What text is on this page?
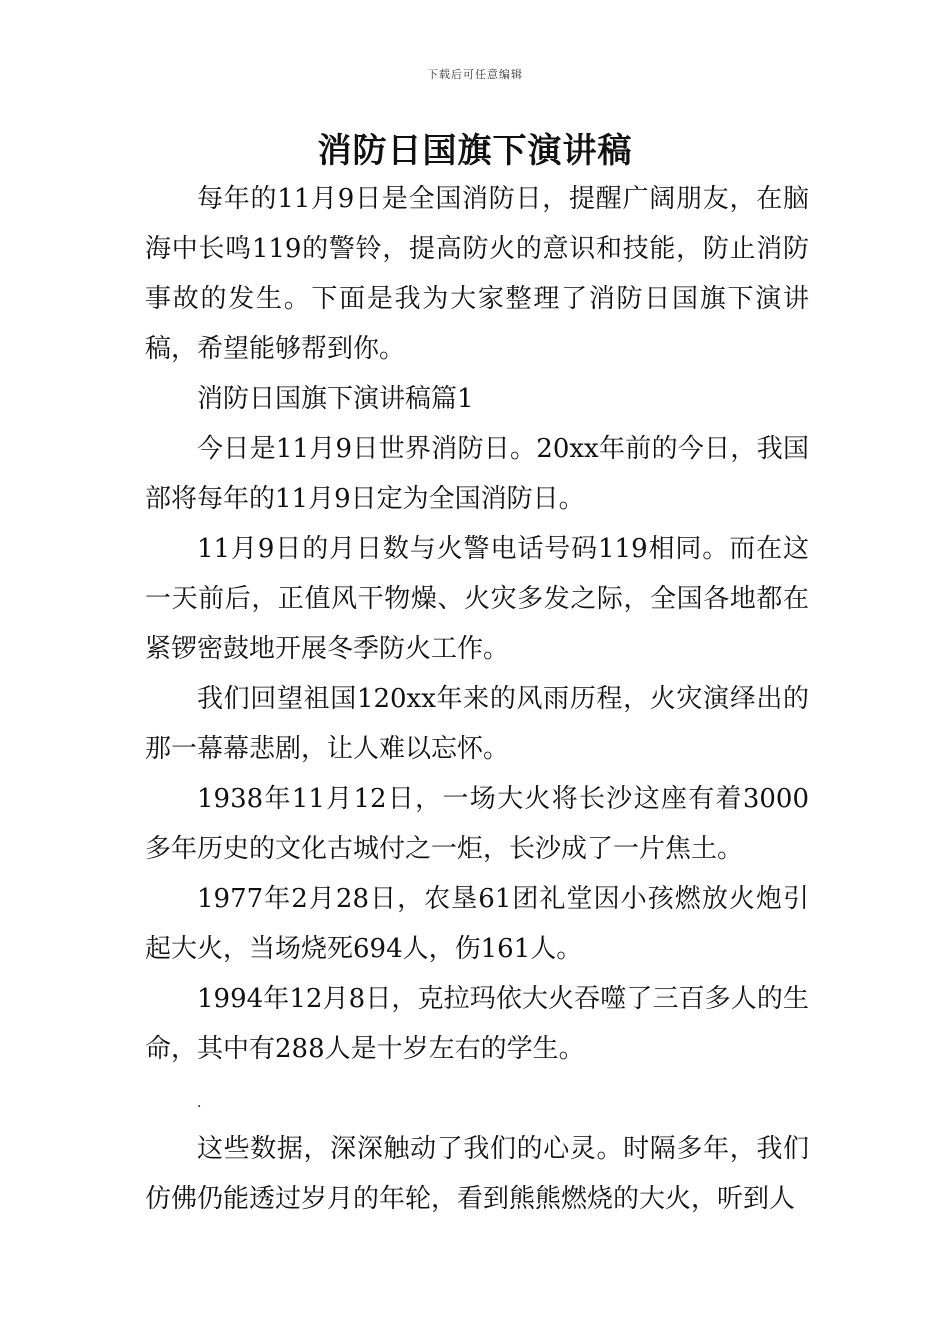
下载后可任意编辑
消防日国旗下演讲稿

每年的11月9日是全国消防日，提醒广阔朋友，在脑海中长鸣119的警铃，提高防火的意识和技能，防止消防事故的发生。下面是我为大家整理了消防日国旗下演讲稿，希望能够帮到你。

消防日国旗下演讲稿篇1

今日是11月9日世界消防日。20xx年前的今日，我国部将每年的11月9日定为全国消防日。

11月9日的月日数与火警电话号码119相同。而在这一天前后，正值风干物燥、火灾多发之际，全国各地都在紧锣密鼓地开展冬季防火工作。

我们回望祖国120xx年来的风雨历程，火灾演绎出的那一幕幕悲剧，让人难以忘怀。

1938年11月12日，一场大火将长沙这座有着3000多年历史的文化古城付之一炬，长沙成了一片焦土。

1977年2月28日，农垦61团礼堂因小孩燃放火炮引起大火，当场烧死694人，伤161人。

1994年12月8日，克拉玛依大火吞噬了三百多人的生命，其中有288人是十岁左右的学生。

.

这些数据，深深触动了我们的心灵。时隔多年，我们仿佛仍能透过岁月的年轮，看到熊熊燃烧的大火，听到人
